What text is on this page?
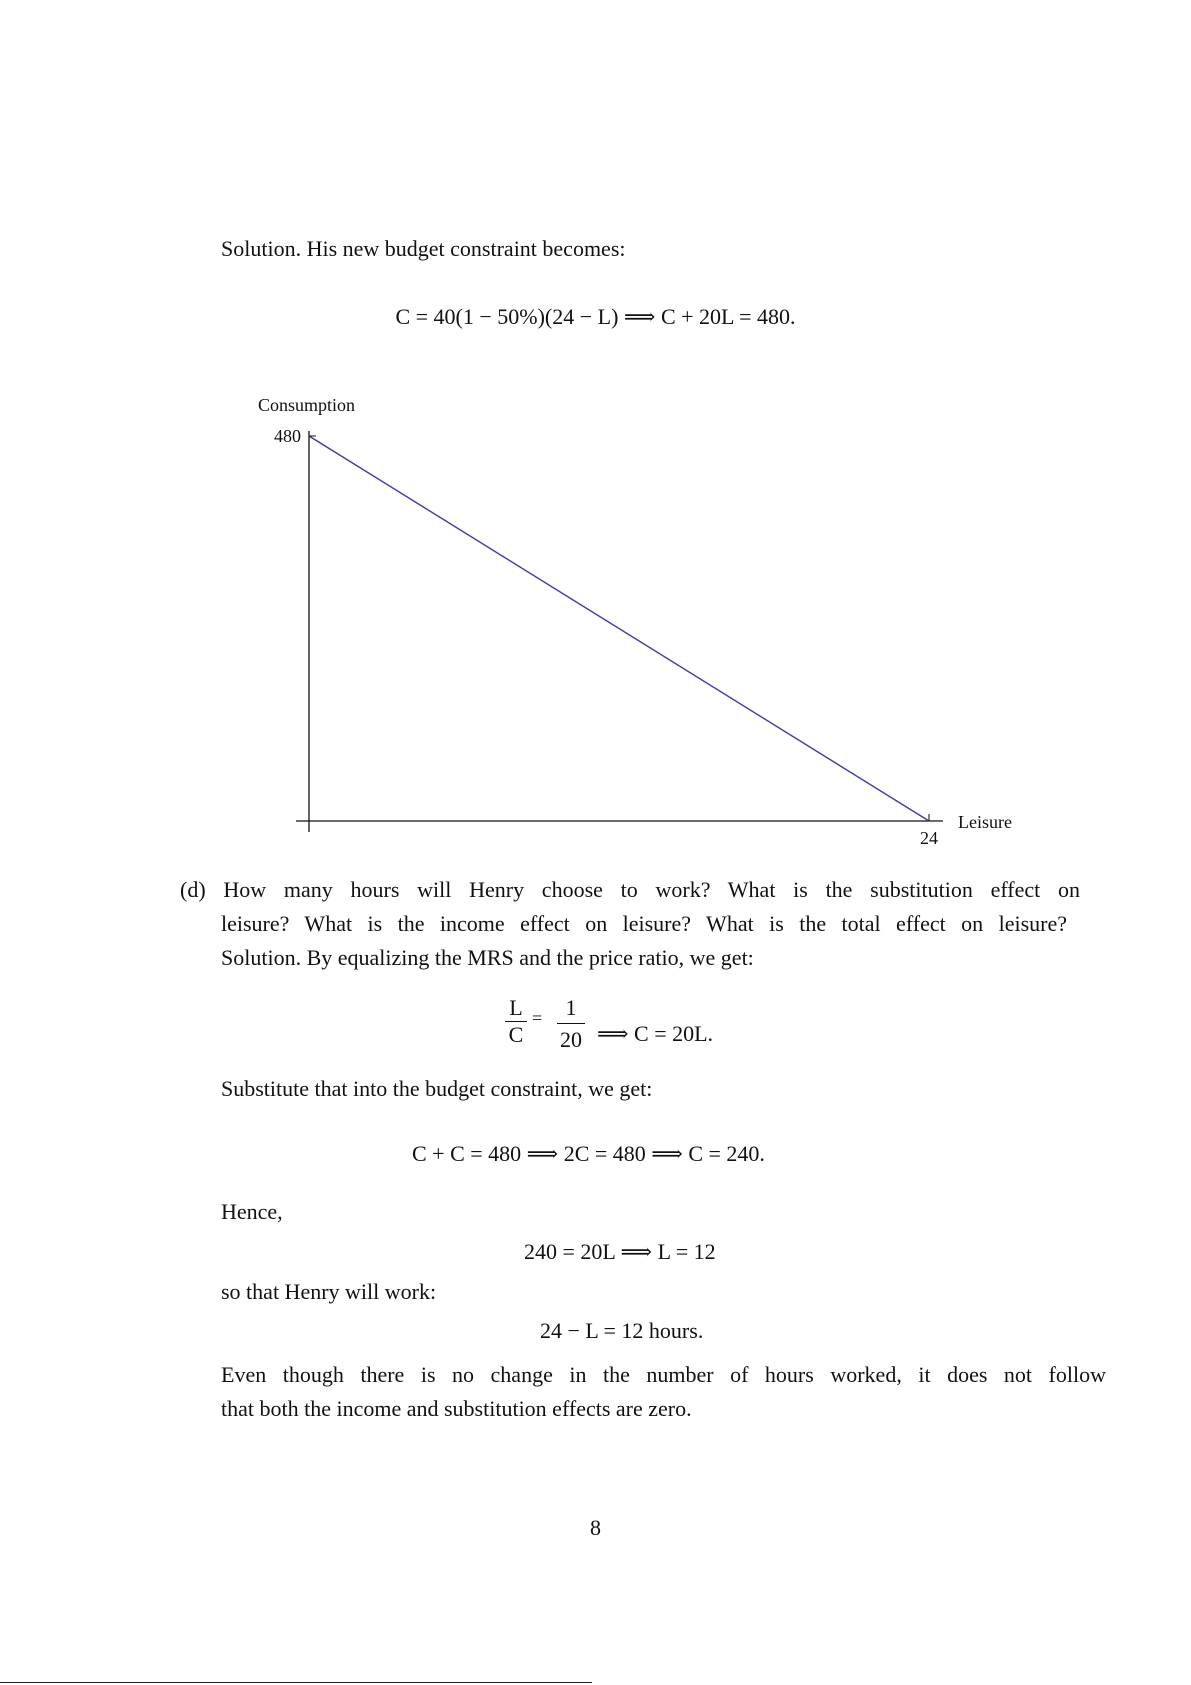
Solution. His new budget constraint becomes:
C = 40(1 − 50%)(24 − L) ⟹ C + 20L = 480.
Consumption
Leisure
480
24
(d) How many hours will Henry choose to work? What is the substitution effect on
leisure? What is the income effect on leisure? What is the total effect on leisure?
Solution. By equalizing the MRS and the price ratio, we get:
L
C
=	1
20 ⟹ C = 20L.
Substitute that into the budget constraint, we get:
C + C = 480 ⟹ 2C = 480 ⟹ C = 240.
Hence,
240 = 20L ⟹ L = 12
so that Henry will work:
24 − L = 12 hours.
Even though there is no change in the number of hours worked, it does not follow
that both the income and substitution effects are zero.
8
